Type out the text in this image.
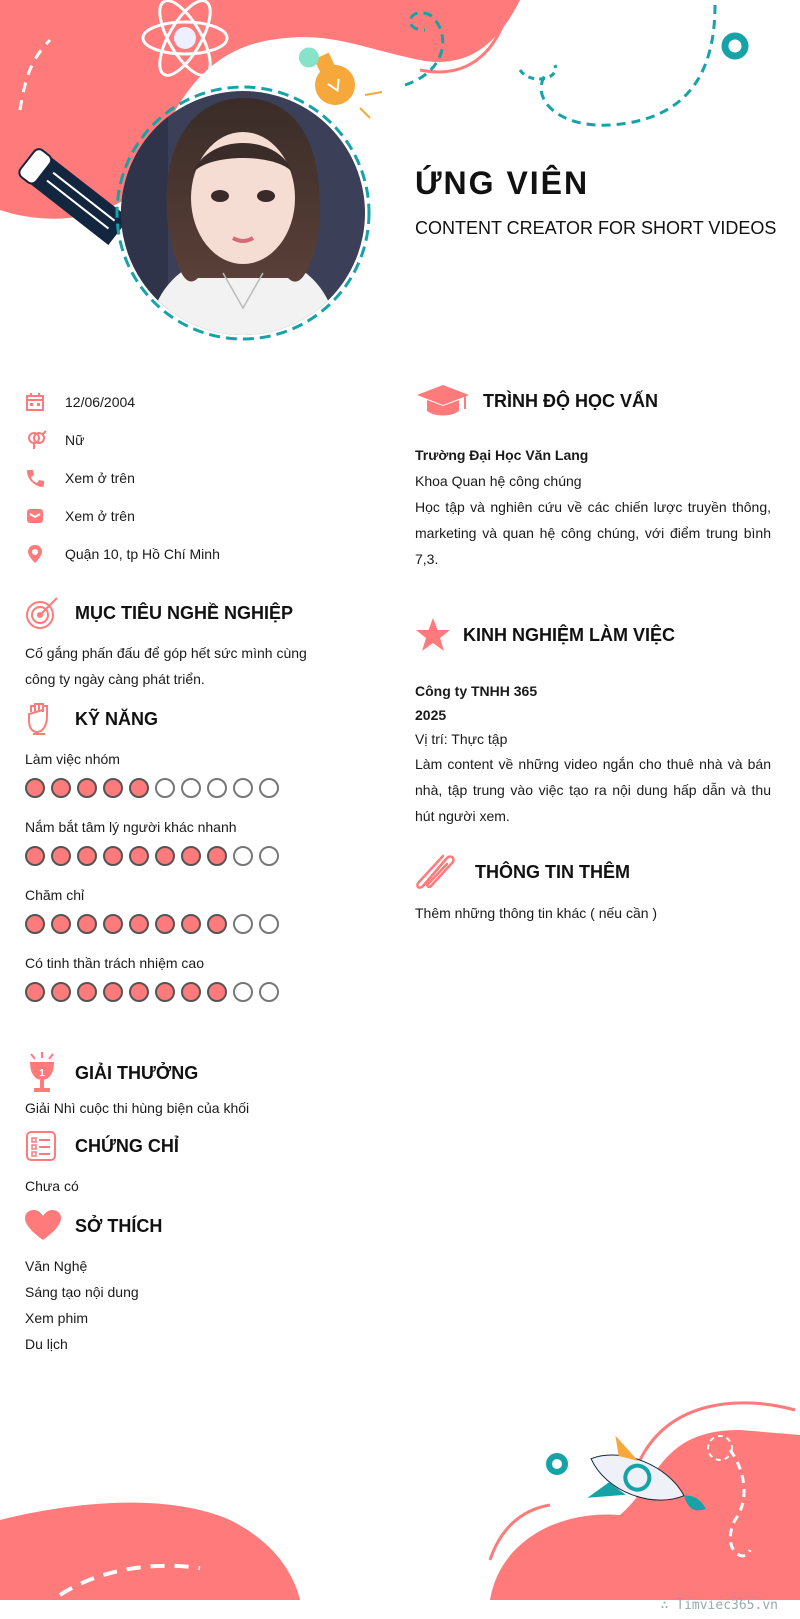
ỨNG VIÊN
CONTENT CREATOR FOR SHORT VIDEOS
12/06/2004
Nữ
Xem ở trên
Xem ở trên
Quận 10, tp Hồ Chí Minh
MỤC TIÊU NGHỀ NGHIỆP
Cố gắng phấn đấu để góp hết sức mình cùng công ty ngày càng phát triển.
KỸ NĂNG
Làm việc nhóm
Nắm bắt tâm lý người khác nhanh
Chăm chỉ
Có tinh thần trách nhiệm cao
1 GIẢI THƯỞNG
Giải Nhì cuộc thi hùng biện của khối
CHỨNG CHỈ
Chưa có
SỞ THÍCH
Văn Nghệ
Sáng tạo nội dung
Xem phim
Du lịch
TRÌNH ĐỘ HỌC VẤN
Trường Đại Học Văn Lang
Khoa Quan hệ công chúng
Học tập và nghiên cứu về các chiến lược truyền thông, marketing và quan hệ công chúng, với điểm trung bình 7,3.
KINH NGHIỆM LÀM VIỆC
Công ty TNHH 365
2025
Vị trí: Thực tập
Làm content về những video ngắn cho thuê nhà và bán nhà, tập trung vào việc tạo ra nội dung hấp dẫn và thu hút người xem.
THÔNG TIN THÊM
Thêm những thông tin khác ( nếu cần )
∴ Timviec365.vn
